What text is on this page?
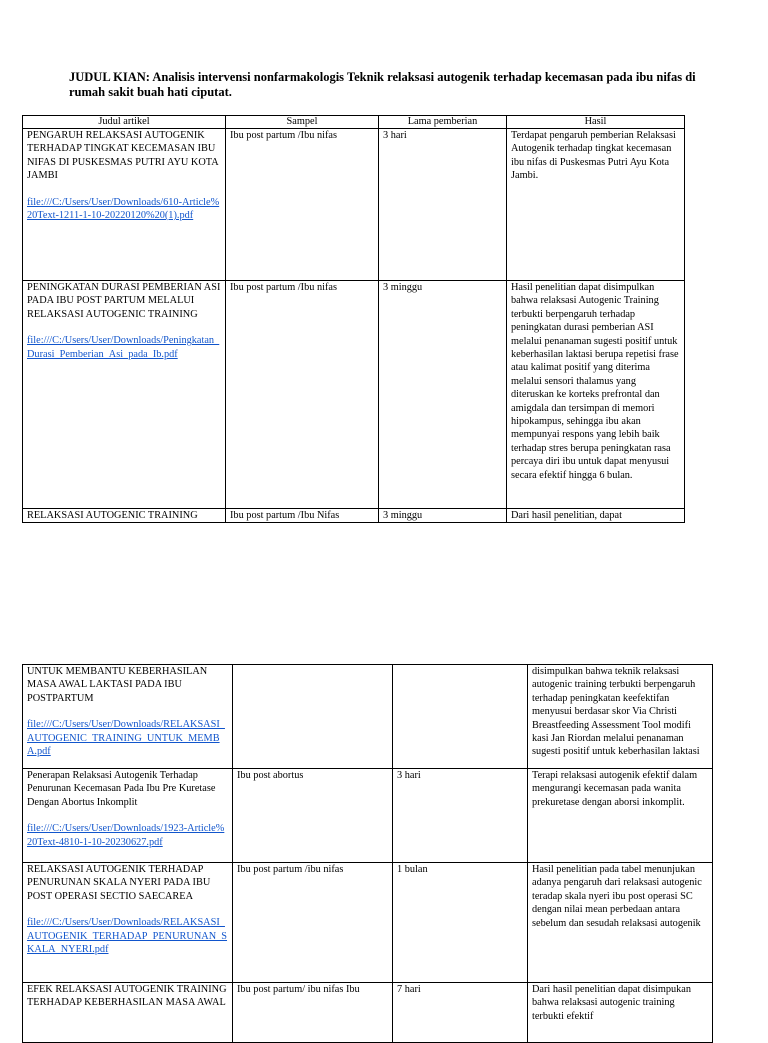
JUDUL KIAN: Analisis intervensi nonfarmakologis Teknik relaksasi autogenik terhadap kecemasan pada ibu nifas di rumah sakit buah hati ciputat.
Judul artikel	Sampel	Lama pemberian	Hasil

PENGARUH RELAKSASI AUTOGENIK TERHADAP TINGKAT KECEMASAN IBU NIFAS DI PUSKESMAS PUTRI AYU KOTA JAMBI
file:///C:/Users/User/Downloads/610-Article%20Text-1211-1-10-20220120%20(1).pdf	Ibu post partum /Ibu nifas	3 hari	Terdapat pengaruh pemberian Relaksasi Autogenik terhadap tingkat kecemasan ibu nifas di Puskesmas Putri Ayu Kota Jambi.

PENINGKATAN DURASI PEMBERIAN ASI PADA IBU POST PARTUM MELALUI RELAKSASI AUTOGENIC TRAINING
file:///C:/Users/User/Downloads/Peningkatan_Durasi_Pemberian_Asi_pada_Ib.pdf	Ibu post partum /Ibu nifas	3 minggu	Hasil penelitian dapat disimpulkan bahwa relaksasi Autogenic Training terbukti berpengaruh terhadap peningkatan durasi pemberian ASI melalui penanaman sugesti positif untuk keberhasilan laktasi berupa repetisi frase atau kalimat positif yang diterima melalui sensori thalamus yang diteruskan ke korteks prefrontal dan amigdala dan tersimpan di memori hipokampus, sehingga ibu akan mempunyai respons yang lebih baik terhadap stres berupa peningkatan rasa percaya diri ibu untuk dapat menyusui secara efektif hingga 6 bulan.
RELAKSASI AUTOGENIC TRAINING	Ibu post partum /Ibu Nifas	3 minggu	Dari hasil penelitian, dapat
UNTUK MEMBANTU KEBERHASILAN MASA AWAL LAKTASI PADA IBU POSTPARTUM
file:///C:/Users/User/Downloads/RELAKSASI_AUTOGENIC_TRAINING_UNTUK_MEMBA.pdf			disimpulkan bahwa teknik relaksasi autogenic training terbukti berpengaruh terhadap peningkatan keefektifan menyusui berdasar skor Via Christi Breastfeeding Assessment Tool modifi kasi Jan Riordan melalui penanaman sugesti positif untuk keberhasilan laktasi

Penerapan Relaksasi Autogenik Terhadap Penurunan Kecemasan Pada Ibu Pre Kuretase Dengan Abortus Inkomplit
file:///C:/Users/User/Downloads/1923-Article%20Text-4810-1-10-20230627.pdf	Ibu post abortus	3 hari	Terapi relaksasi autogenik efektif dalam mengurangi kecemasan pada wanita prekuretase dengan aborsi inkomplit.

RELAKSASI AUTOGENIK TERHADAP PENURUNAN SKALA NYERI PADA IBU POST OPERASI SECTIO SAECAREA
file:///C:/Users/User/Downloads/RELAKSASI_AUTOGENIK_TERHADAP_PENURUNAN_SKALA_NYERI.pdf	Ibu post partum /ibu nifas	1 bulan	Hasil penelitian pada tabel menunjukan adanya pengaruh dari relaksasi autogenic teradap skala nyeri ibu post operasi SC dengan nilai mean perbedaan antara sebelum dan sesudah relaksasi autogenik
EFEK RELAKSASI AUTOGENIK TRAINING TERHADAP KEBERHASILAN MASA AWAL	Ibu post partum/ ibu nifas Ibu	7 hari	Dari hasil penelitian dapat disimpukan bahwa relaksasi autogenic training terbukti efektif
